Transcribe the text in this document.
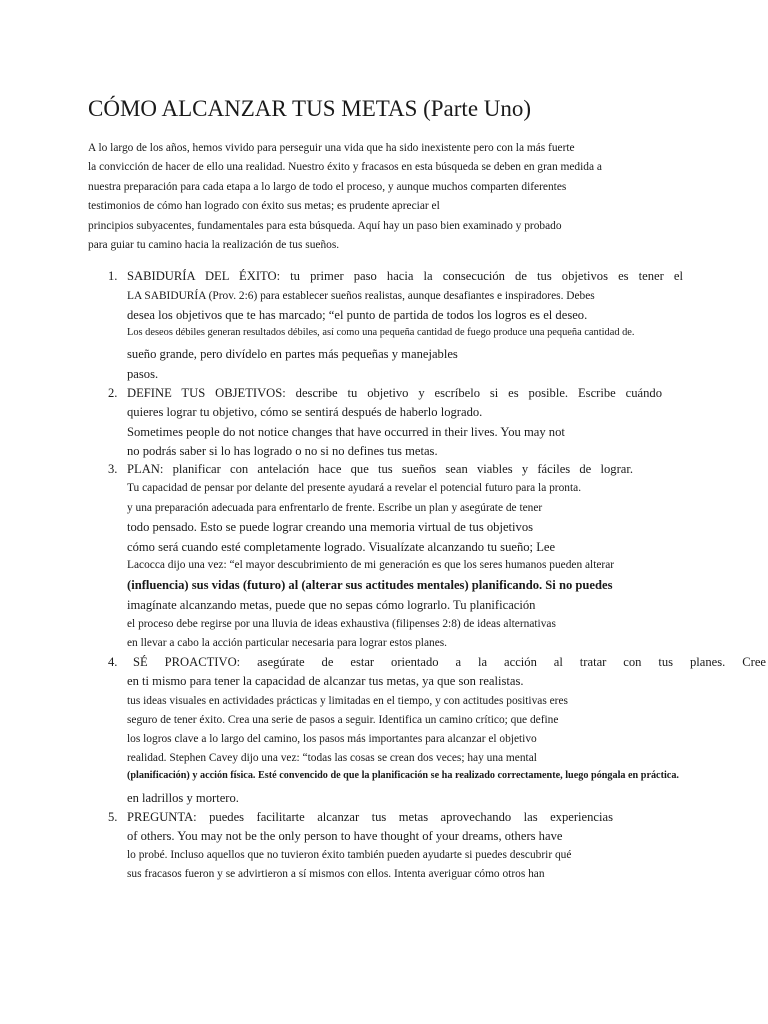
CÓMO ALCANZAR TUS METAS (Parte Uno)
A lo largo de los años, hemos vivido para perseguir una vida que ha sido inexistente pero con la más fuerte
la convicción de hacer de ello una realidad. Nuestro éxito y fracasos en esta búsqueda se deben en gran medida a
nuestra preparación para cada etapa a lo largo de todo el proceso, y aunque muchos comparten diferentes
testimonios de cómo han logrado con éxito sus metas; es prudente apreciar el
principios subyacentes, fundamentales para esta búsqueda. Aquí hay un paso bien examinado y probado
para guiar tu camino hacia la realización de tus sueños.
1. SABIDURÍA DEL ÉXITO: tu primer paso hacia la consecución de tus objetivos es tener el
LA SABIDURÍA (Prov. 2:6) para establecer sueños realistas, aunque desafiantes e inspiradores. Debes
desea los objetivos que te has marcado; “el punto de partida de todos los logros es el deseo.
Los deseos débiles generan resultados débiles, así como una pequeña cantidad de fuego produce una pequeña cantidad de.
sueño grande, pero divídelo en partes más pequeñas y manejables
pasos.
2. DEFINE TUS OBJETIVOS: describe tu objetivo y escríbelo si es posible. Escribe cuándo
quieres lograr tu objetivo, cómo se sentirá después de haberlo logrado.
Sometimes people do not notice changes that have occurred in their lives. You may not
no podrás saber si lo has logrado o no si no defines tus metas.
3. PLAN: planificar con antelación hace que tus sueños sean viables y fáciles de lograr.
Tu capacidad de pensar por delante del presente ayudará a revelar el potencial futuro para la pronta.
y una preparación adecuada para enfrentarlo de frente. Escribe un plan y asegúrate de tener
todo pensado. Esto se puede lograr creando una memoria virtual de tus objetivos
cómo será cuando esté completamente logrado. Visualízate alcanzando tu sueño; Lee
Lacocca dijo una vez: “el mayor descubrimiento de mi generación es que los seres humanos pueden alterar
(influencia) sus vidas (futuro) al (alterar sus actitudes mentales) planificando. Si no puedes
imagínate alcanzando metas, puede que no sepas cómo lograrlo. Tu planificación
el proceso debe regirse por una lluvia de ideas exhaustiva (filipenses 2:8) de ideas alternativas
en llevar a cabo la acción particular necesaria para lograr estos planes.
4. SÉ PROACTIVO: asegúrate de estar orientado a la acción al tratar con tus planes. Cree
en ti mismo para tener la capacidad de alcanzar tus metas, ya que son realistas.
tus ideas visuales en actividades prácticas y limitadas en el tiempo, y con actitudes positivas eres
seguro de tener éxito. Crea una serie de pasos a seguir. Identifica un camino crítico; que define
los logros clave a lo largo del camino, los pasos más importantes para alcanzar el objetivo
realidad. Stephen Cavey dijo una vez: “todas las cosas se crean dos veces; hay una mental
(planificación) y acción física. Esté convencido de que la planificación se ha realizado correctamente, luego póngala en práctica.
en ladrillos y mortero.
5. PREGUNTA: puedes facilitarte alcanzar tus metas aprovechando las experiencias
of others. You may not be the only person to have thought of your dreams, others have
lo probé. Incluso aquellos que no tuvieron éxito también pueden ayudarte si puedes descubrir qué
sus fracasos fueron y se advirtieron a sí mismos con ellos. Intenta averiguar cómo otros han
